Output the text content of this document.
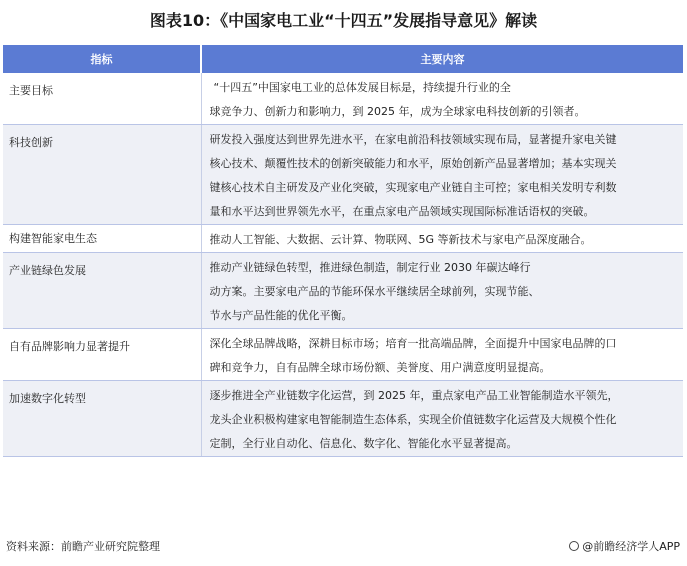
图表10：《中国家电工业“十四五”发展指导意见》解读
指标	主要内容
主要目标	“十四五”中国家电工业的总体发展目标是，持续提升行业的全
球竞争力、创新力和影响力，到 2025 年，成为全球家电科技创新的引领者。

科技创新	研发投入强度达到世界先进水平，在家电前沿科技领域实现布局，显著提升家电关键
核心技术、颠覆性技术的创新突破能力和水平，原始创新产品显著增加；基本实现关
键核心技术自主研发及产业化突破，实现家电产业链自主可控；家电相关发明专利数
量和水平达到世界领先水平，在重点家电产品领域实现国际标准话语权的突破。

构建智能家电生态	推动人工智能、大数据、云计算、物联网、5G 等新技术与家电产品深度融合。

产业链绿色发展	推动产业链绿色转型，推进绿色制造，制定行业 2030 年碳达峰行
动方案。主要家电产品的节能环保水平继续居全球前列，实现节能、
节水与产品性能的优化平衡。

自有品牌影响力显著提升	深化全球品牌战略，深耕目标市场；培育一批高端品牌，全面提升中国家电品牌的口
碑和竞争力，自有品牌全球市场份额、美誉度、用户满意度明显提高。

加速数字化转型	逐步推进全产业链数字化运营，到 2025 年，重点家电产品工业智能制造水平领先，
龙头企业积极构建家电智能制造生态体系，实现全价值链数字化运营及大规模个性化
定制，全行业自动化、信息化、数字化、智能化水平显著提高。
资料来源：前瞻产业研究院整理	@前瞻经济学人APP
